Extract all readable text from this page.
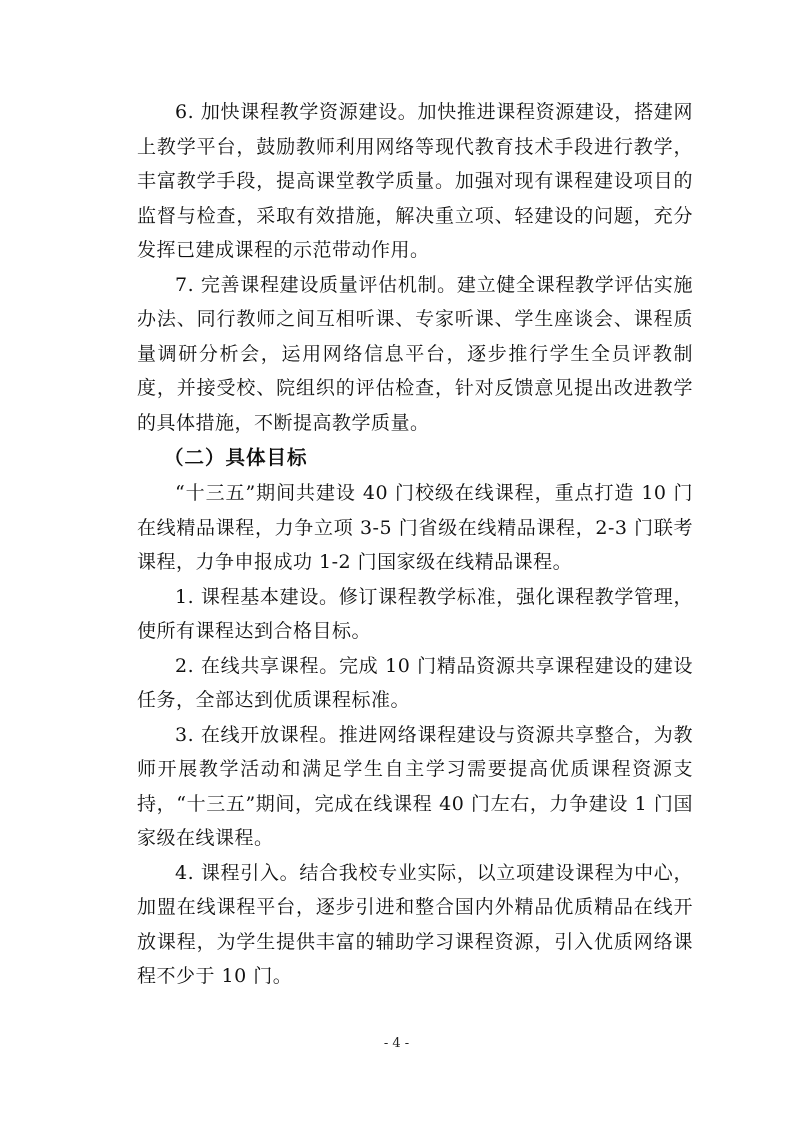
6. 加快课程教学资源建设。加快推进课程资源建设，搭建网上教学平台，鼓励教师利用网络等现代教育技术手段进行教学，丰富教学手段，提高课堂教学质量。加强对现有课程建设项目的监督与检查，采取有效措施，解决重立项、轻建设的问题，充分发挥已建成课程的示范带动作用。

7. 完善课程建设质量评估机制。建立健全课程教学评估实施办法、同行教师之间互相听课、专家听课、学生座谈会、课程质量调研分析会，运用网络信息平台，逐步推行学生全员评教制度，并接受校、院组织的评估检查，针对反馈意见提出改进教学的具体措施，不断提高教学质量。

（二）具体目标

“十三五”期间共建设 40 门校级在线课程，重点打造 10 门在线精品课程，力争立项 3-5 门省级在线精品课程，2-3 门联考课程，力争申报成功 1-2 门国家级在线精品课程。

1. 课程基本建设。修订课程教学标准，强化课程教学管理，使所有课程达到合格目标。

2. 在线共享课程。完成 10 门精品资源共享课程建设的建设任务，全部达到优质课程标准。

3. 在线开放课程。推进网络课程建设与资源共享整合，为教师开展教学活动和满足学生自主学习需要提高优质课程资源支持，“十三五”期间，完成在线课程 40 门左右，力争建设 1 门国家级在线课程。

4. 课程引入。结合我校专业实际，以立项建设课程为中心，加盟在线课程平台，逐步引进和整合国内外精品优质精品在线开放课程，为学生提供丰富的辅助学习课程资源，引入优质网络课程不少于 10 门。

- 4 -
